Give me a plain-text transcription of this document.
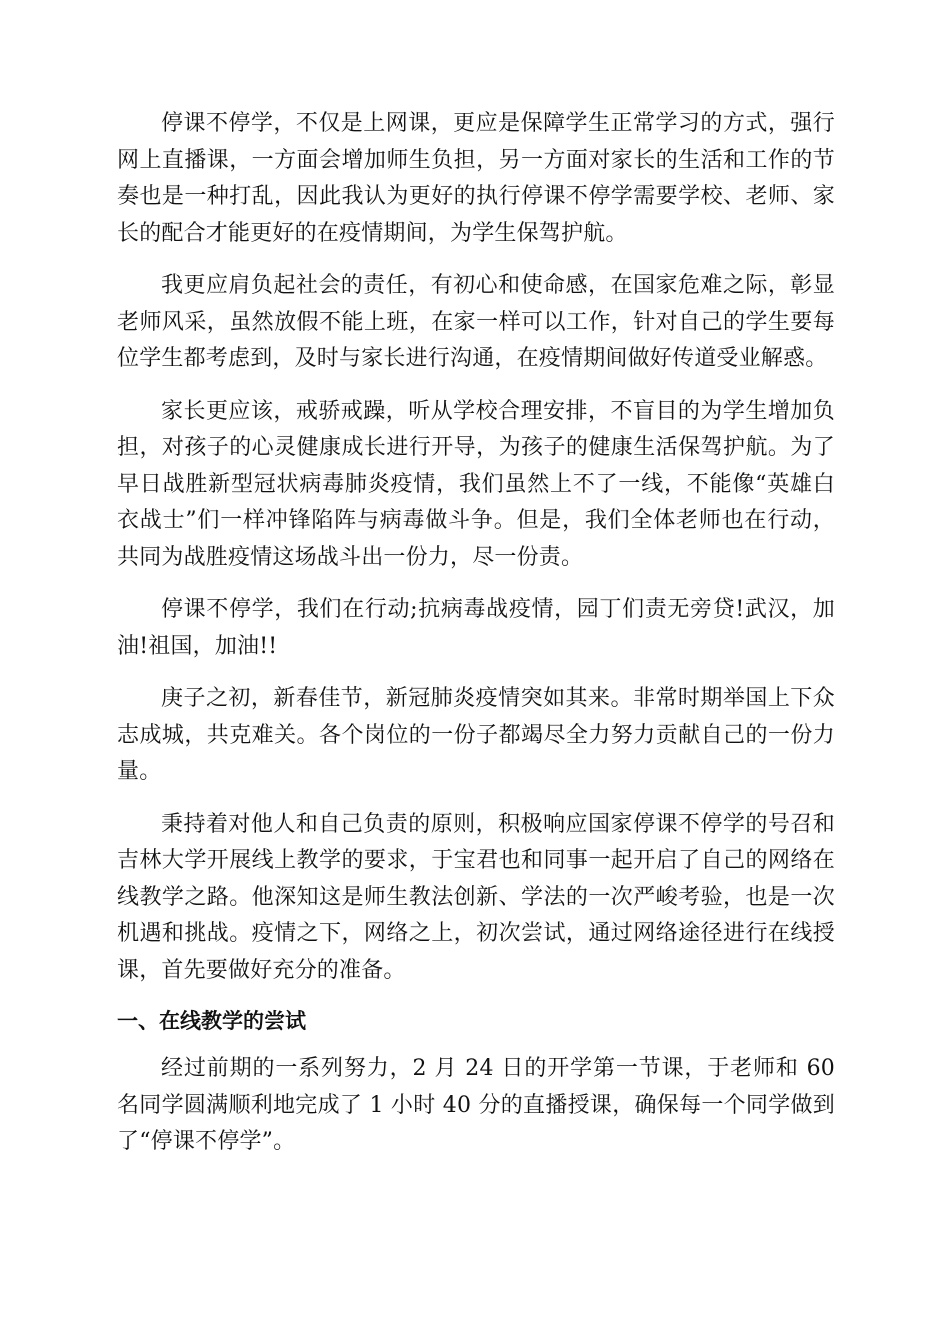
停课不停学，不仅是上网课，更应是保障学生正常学习的方式，强行网上直播课，一方面会增加师生负担，另一方面对家长的生活和工作的节奏也是一种打乱，因此我认为更好的执行停课不停学需要学校、老师、家长的配合才能更好的在疫情期间，为学生保驾护航。

我更应肩负起社会的责任，有初心和使命感，在国家危难之际，彰显老师风采，虽然放假不能上班，在家一样可以工作，针对自己的学生要每位学生都考虑到，及时与家长进行沟通，在疫情期间做好传道受业解惑。

家长更应该，戒骄戒躁，听从学校合理安排，不盲目的为学生增加负担，对孩子的心灵健康成长进行开导，为孩子的健康生活保驾护航。为了早日战胜新型冠状病毒肺炎疫情，我们虽然上不了一线，不能像“英雄白衣战士”们一样冲锋陷阵与病毒做斗争。但是，我们全体老师也在行动，共同为战胜疫情这场战斗出一份力，尽一份责。

停课不停学，我们在行动;抗病毒战疫情，园丁们责无旁贷!武汉，加油!祖国，加油!!

庚子之初，新春佳节，新冠肺炎疫情突如其来。非常时期举国上下众志成城，共克难关。各个岗位的一份子都竭尽全力努力贡献自己的一份力量。

秉持着对他人和自己负责的原则，积极响应国家停课不停学的号召和吉林大学开展线上教学的要求，于宝君也和同事一起开启了自己的网络在线教学之路。他深知这是师生教法创新、学法的一次严峻考验，也是一次机遇和挑战。疫情之下，网络之上，初次尝试，通过网络途径进行在线授课，首先要做好充分的准备。

一、在线教学的尝试

经过前期的一系列努力，2 月 24 日的开学第一节课，于老师和 60 名同学圆满顺利地完成了 1 小时 40 分的直播授课，确保每一个同学做到了“停课不停学”。
